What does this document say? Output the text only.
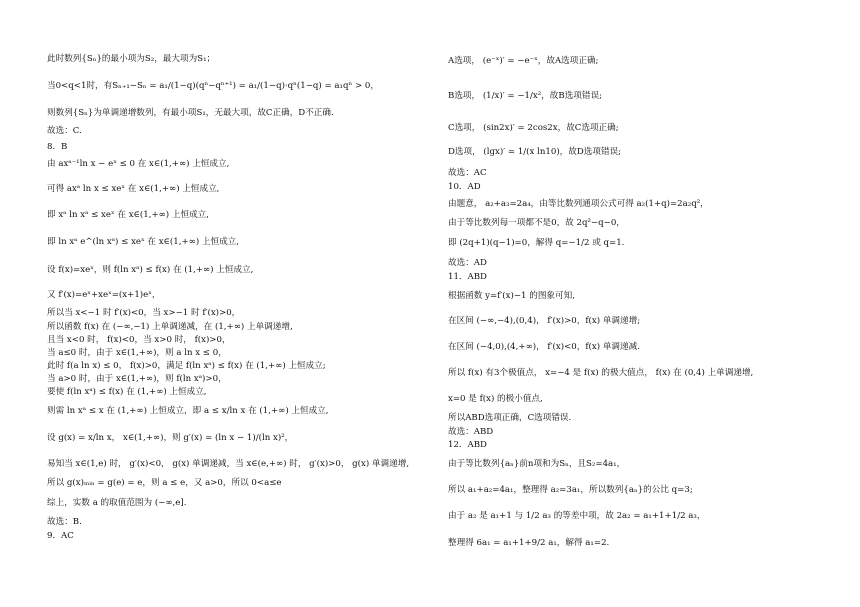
此时数列{Sₙ}的最小项为S₂，最大项为S₁；
当0<q<1时，有Sₙ₊₁−Sₙ = a₁/(1−q)(qⁿ−qⁿ⁺¹) = a₁/(1−q)·qⁿ(1−q) = a₁qⁿ > 0，
则数列{Sₙ}为单调递增数列，有最小项S₁，无最大项，故C正确，D不正确.
故选：C.
8．B
由 axᵃ⁻¹ln x − eˣ ≤ 0 在 x∈(1,+∞) 上恒成立,
可得 axᵃ ln x ≤ xeˣ 在 x∈(1,+∞) 上恒成立,
即 xᵃ ln xᵃ ≤ xeˣ 在 x∈(1,+∞) 上恒成立,
即 ln xᵃ e^(ln xᵃ) ≤ xeˣ 在 x∈(1,+∞) 上恒成立,
设 f(x)=xeˣ，则 f(ln xᵃ) ≤ f(x) 在 (1,+∞) 上恒成立,
又 f′(x)=eˣ+xeˣ=(x+1)eˣ，
所以当 x<−1 时 f′(x)<0，当 x>−1 时 f′(x)>0，
所以函数 f(x) 在 (−∞,−1) 上单调递减，在 (1,+∞) 上单调递增,
且当 x<0 时， f(x)<0，当 x>0 时， f(x)>0，
当 a≤0 时，由于 x∈(1,+∞)，则 a ln x ≤ 0，
此时 f(a ln x) ≤ 0， f(x)>0，满足 f(ln xᵃ) ≤ f(x) 在 (1,+∞) 上恒成立;
当 a>0 时，由于 x∈(1,+∞)，则 f(ln xᵃ)>0，
要使 f(ln xᵃ) ≤ f(x) 在 (1,+∞) 上恒成立,
则需 ln xᵃ ≤ x 在 (1,+∞) 上恒成立，即 a ≤ x/ln x 在 (1,+∞) 上恒成立,
设 g(x) = x/ln x， x∈(1,+∞)，则 g′(x) = (ln x − 1)/(ln x)²，
易知当 x∈(1,e) 时， g′(x)<0， g(x) 单调递减，当 x∈(e,+∞) 时， g′(x)>0， g(x) 单调递增,
所以 g(x)ₘᵢₙ = g(e) = e，则 a ≤ e，又 a>0，所以 0<a≤e
综上，实数 a 的取值范围为 (−∞,e].
故选：B.
9．AC
A选项， (e⁻ˣ)′ = −e⁻ˣ，故A选项正确;
B选项， (1/x)′ = −1/x²，故B选项错误;
C选项， (sin2x)′ = 2cos2x，故C选项正确;
D选项， (lgx)′ = 1/(x ln10)，故D选项错误;
故选：AC
10．AD
由题意， a₂+a₃=2a₄，由等比数列通项公式可得 a₂(1+q)=2a₂q²，
由于等比数列每一项都不是0，故 2q²−q−0，
即 (2q+1)(q−1)=0，解得 q=−1/2 或 q=1.
故选：AD
11．ABD
根据函数 y=f′(x)−1 的图象可知,
在区间 (−∞,−4),(0,4)， f′(x)>0，f(x) 单调递增;
在区间 (−4,0),(4,+∞)， f′(x)<0，f(x) 单调递减.
所以 f(x) 有3个极值点， x=−4 是 f(x) 的极大值点， f(x) 在 (0,4) 上单调递增,
x=0 是 f(x) 的极小值点,
所以ABD选项正确，C选项错误.
故选：ABD
12．ABD
由于等比数列{aₙ}前n项和为Sₙ，且S₂=4a₁，
所以 a₁+a₂=4a₁，整理得 a₂=3a₁，所以数列{aₙ}的公比 q=3;
由于 a₂ 是 a₁+1 与 1/2 a₃ 的等差中项，故 2a₂ = a₁+1+1/2 a₃，
整理得 6a₁ = a₁+1+9/2 a₁，解得 a₁=2.
